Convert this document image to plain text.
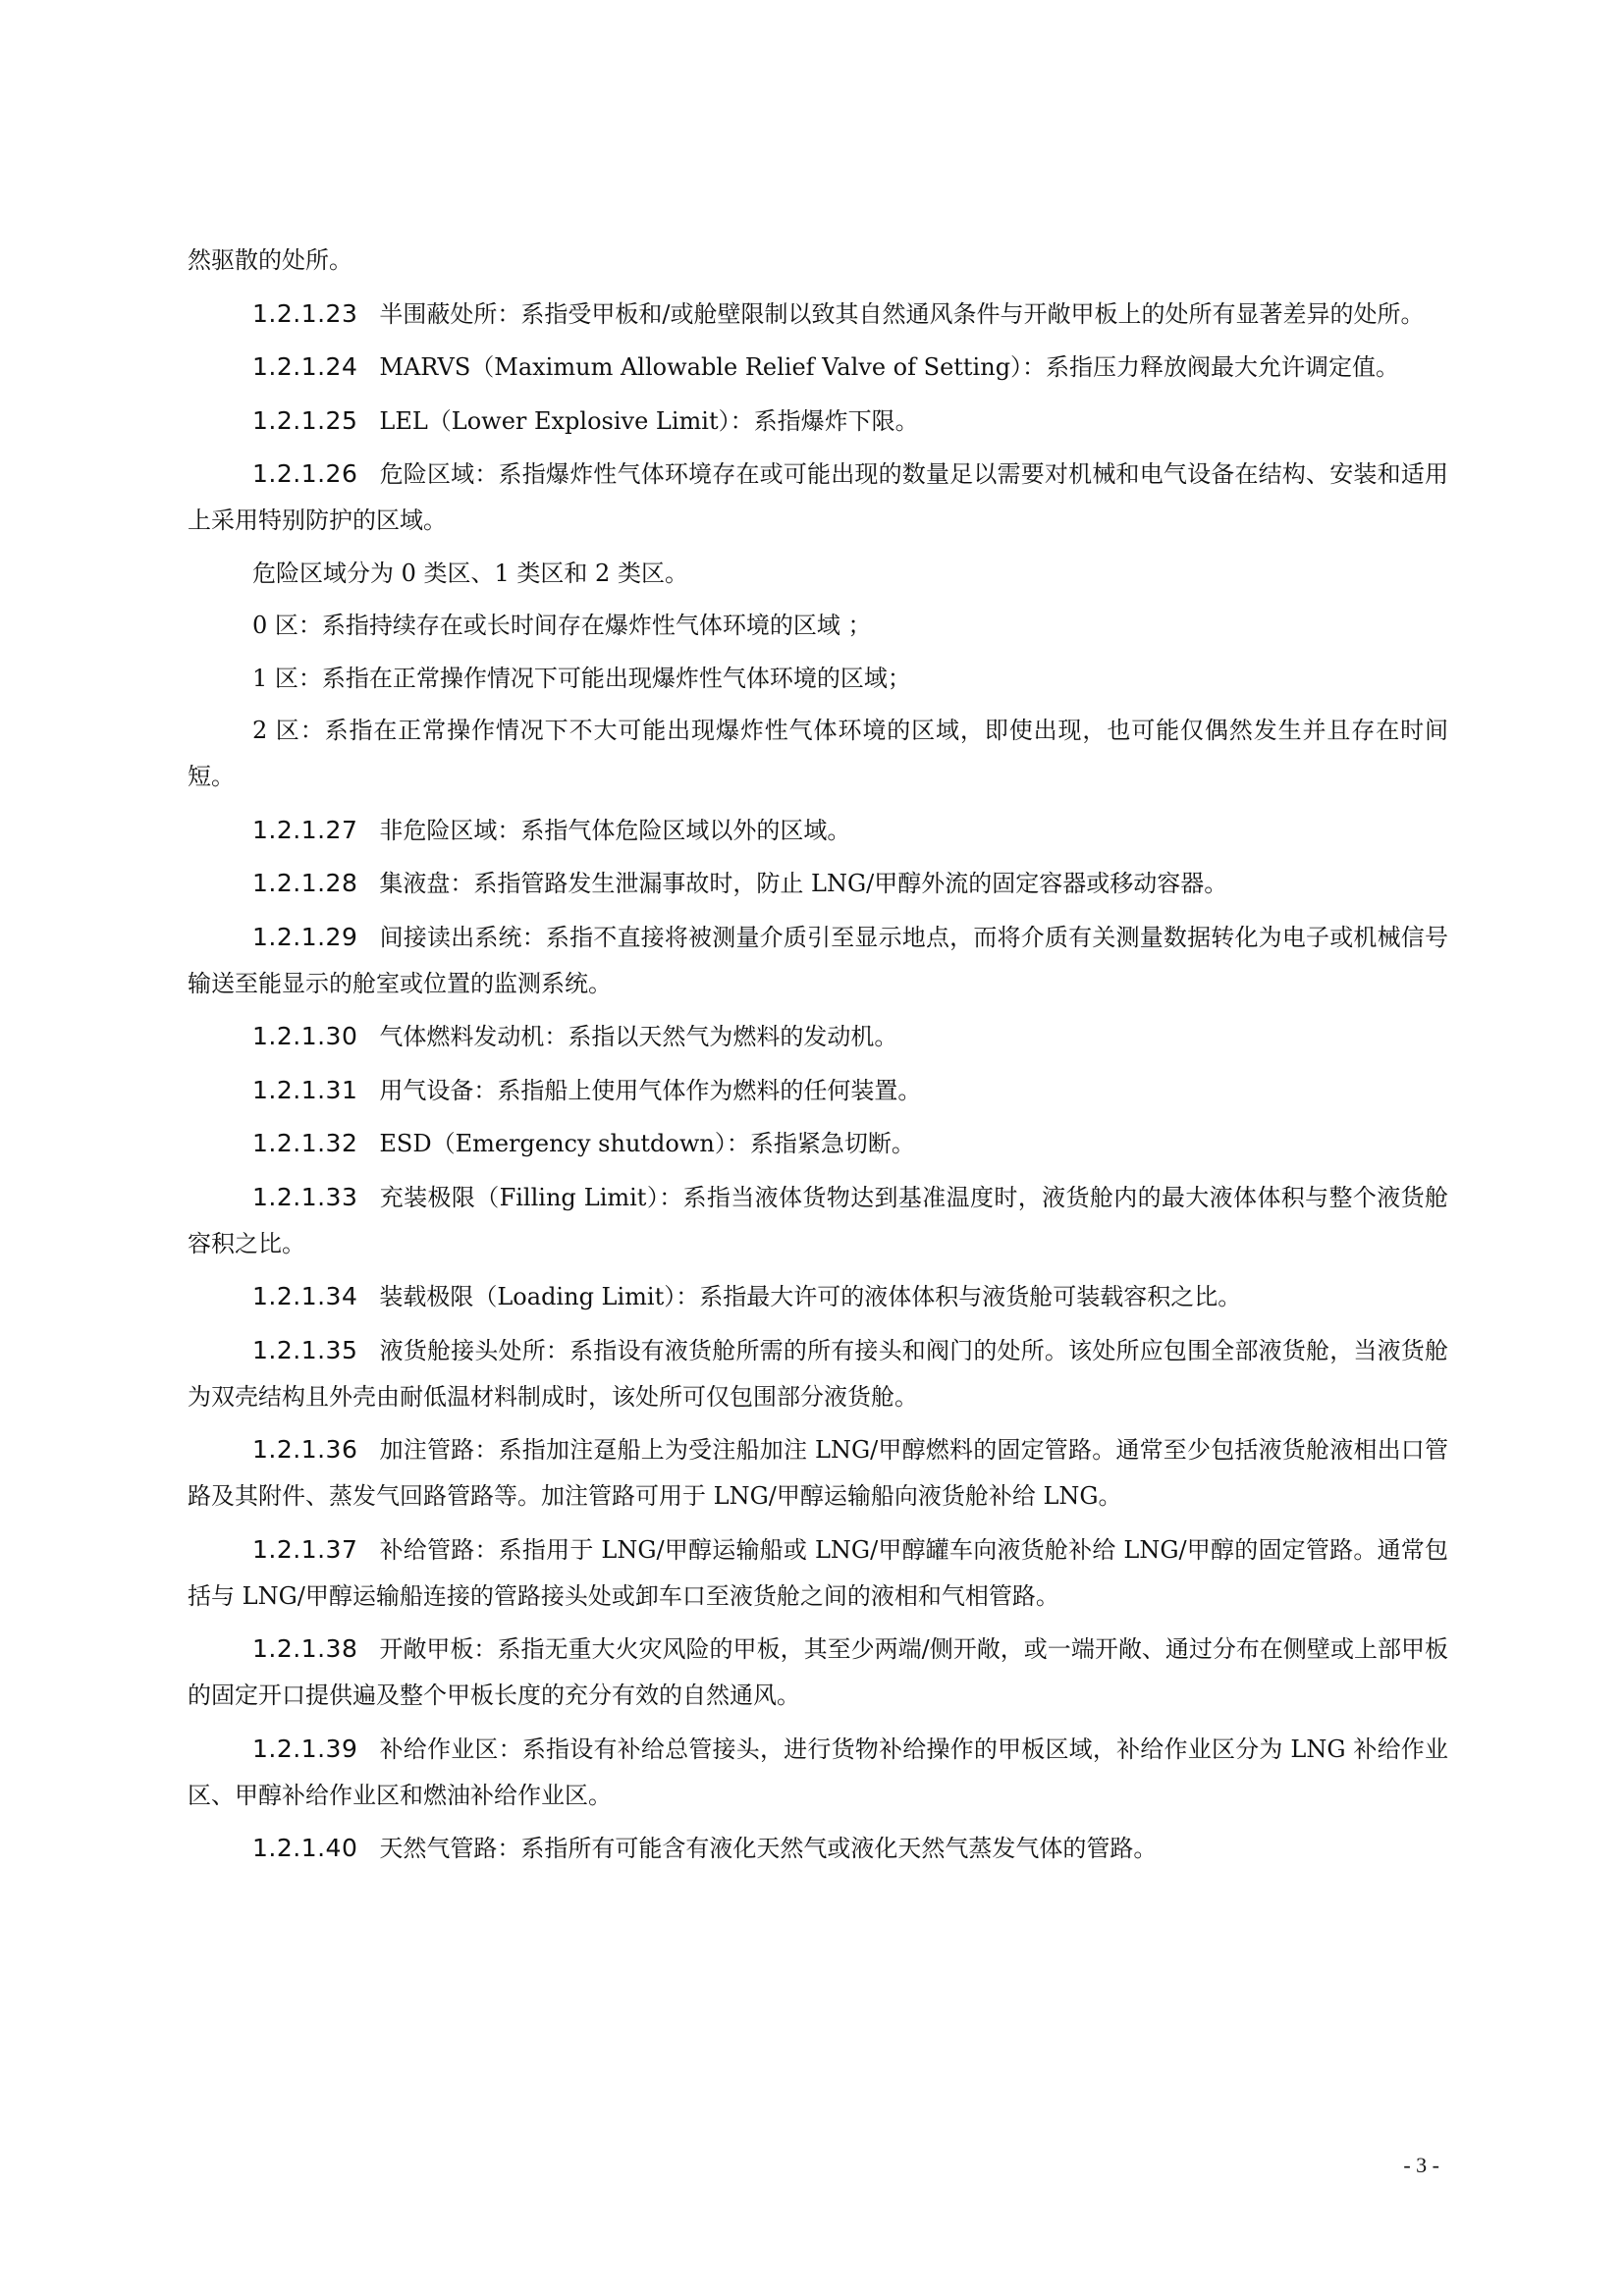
然驱散的处所。

1.2.1.23 半围蔽处所：系指受甲板和/或舱壁限制以致其自然通风条件与开敞甲板上的处所有显著差异的处所。

1.2.1.24 MARVS（Maximum Allowable Relief Valve of Setting）：系指压力释放阀最大允许调定值。

1.2.1.25 LEL（Lower Explosive Limit）：系指爆炸下限。

1.2.1.26 危险区域：系指爆炸性气体环境存在或可能出现的数量足以需要对机械和电气设备在结构、安装和适用上采用特别防护的区域。

危险区域分为 0 类区、1 类区和 2 类区。

0 区：系指持续存在或长时间存在爆炸性气体环境的区域 ；

1 区：系指在正常操作情况下可能出现爆炸性气体环境的区域；

2 区：系指在正常操作情况下不大可能出现爆炸性气体环境的区域，即使出现，也可能仅偶然发生并且存在时间短。

1.2.1.27 非危险区域：系指气体危险区域以外的区域。

1.2.1.28 集液盘：系指管路发生泄漏事故时，防止 LNG/甲醇外流的固定容器或移动容器。

1.2.1.29 间接读出系统：系指不直接将被测量介质引至显示地点，而将介质有关测量数据转化为电子或机械信号输送至能显示的舱室或位置的监测系统。

1.2.1.30 气体燃料发动机：系指以天然气为燃料的发动机。

1.2.1.31 用气设备：系指船上使用气体作为燃料的任何装置。

1.2.1.32 ESD（Emergency shutdown）：系指紧急切断。

1.2.1.33 充装极限（Filling Limit）：系指当液体货物达到基准温度时，液货舱内的最大液体体积与整个液货舱容积之比。

1.2.1.34 装载极限（Loading Limit）：系指最大许可的液体体积与液货舱可装载容积之比。

1.2.1.35 液货舱接头处所：系指设有液货舱所需的所有接头和阀门的处所。该处所应包围全部液货舱，当液货舱为双壳结构且外壳由耐低温材料制成时，该处所可仅包围部分液货舱。

1.2.1.36 加注管路：系指加注趸船上为受注船加注 LNG/甲醇燃料的固定管路。通常至少包括液货舱液相出口管路及其附件、蒸发气回路管路等。加注管路可用于 LNG/甲醇运输船向液货舱补给 LNG。

1.2.1.37 补给管路：系指用于 LNG/甲醇运输船或 LNG/甲醇罐车向液货舱补给 LNG/甲醇的固定管路。通常包括与 LNG/甲醇运输船连接的管路接头处或卸车口至液货舱之间的液相和气相管路。

1.2.1.38 开敞甲板：系指无重大火灾风险的甲板，其至少两端/侧开敞，或一端开敞、通过分布在侧壁或上部甲板的固定开口提供遍及整个甲板长度的充分有效的自然通风。

1.2.1.39 补给作业区：系指设有补给总管接头，进行货物补给操作的甲板区域，补给作业区分为 LNG 补给作业区、甲醇补给作业区和燃油补给作业区。

1.2.1.40 天然气管路：系指所有可能含有液化天然气或液化天然气蒸发气体的管路。

- 3 -
